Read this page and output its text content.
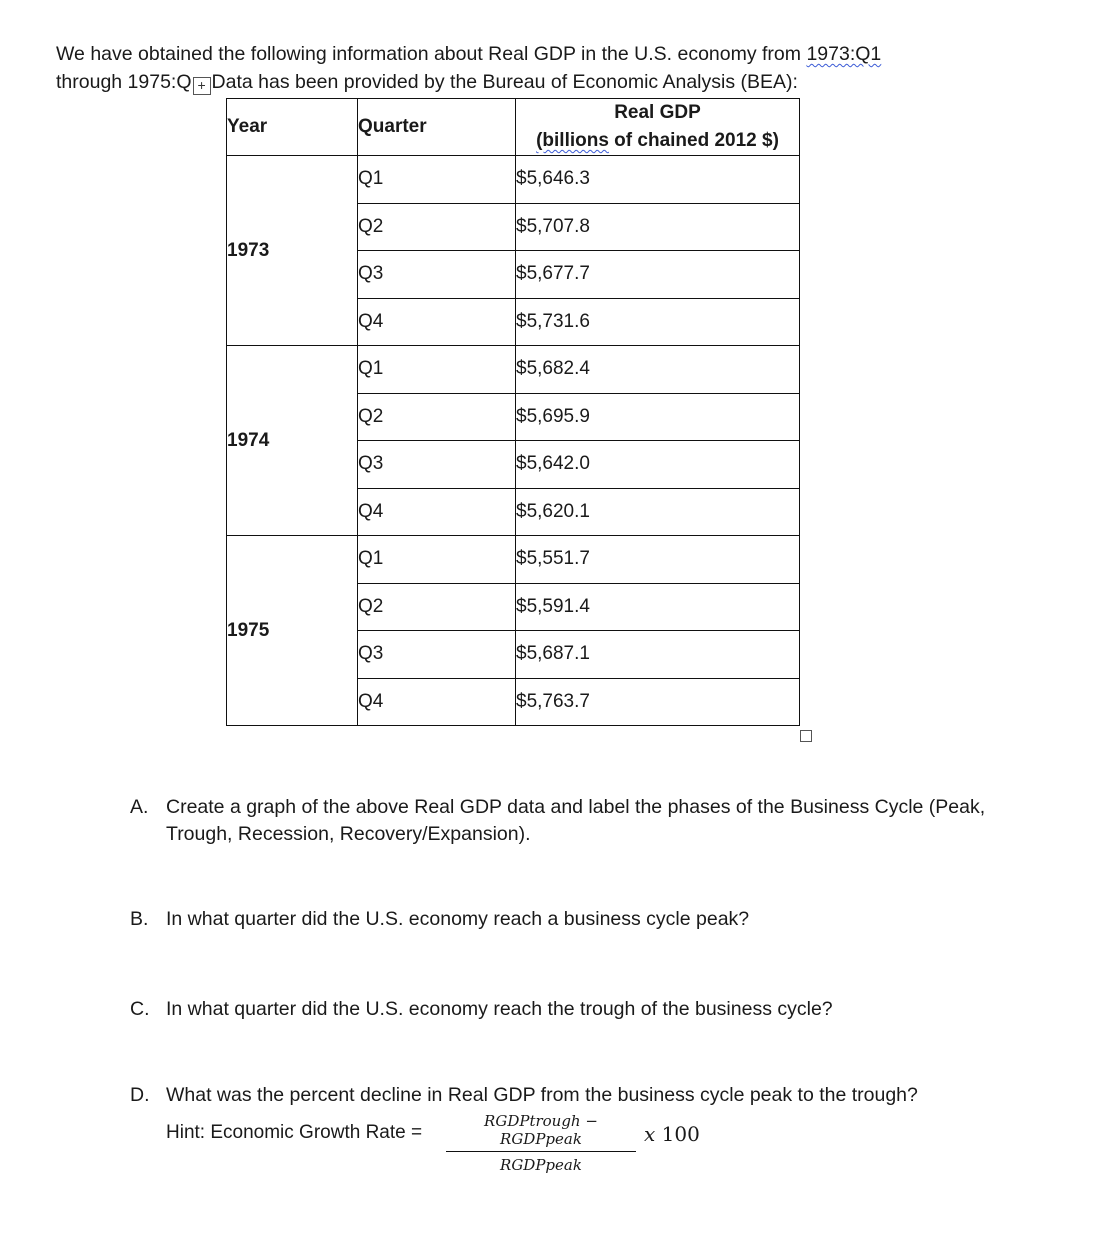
We have obtained the following information about Real GDP in the U.S. economy from 1973:Q1
through 1975:Q + Data has been provided by the Bureau of Economic Analysis (BEA):
Year	Quarter	Real GDP
(billions of chained 2012 $)
1973	Q1	$5,646.3
	Q2	$5,707.8
	Q3	$5,677.7
	Q4	$5,731.6
1974	Q1	$5,682.4
	Q2	$5,695.9
	Q3	$5,642.0
	Q4	$5,620.1
1975	Q1	$5,551.7
	Q2	$5,591.4
	Q3	$5,687.1
	Q4	$5,763.7
A. Create a graph of the above Real GDP data and label the phases of the Business Cycle (Peak, Trough, Recession, Recovery/Expansion).
B. In what quarter did the U.S. economy reach a business cycle peak?
C. In what quarter did the U.S. economy reach the trough of the business cycle?
D. What was the percent decline in Real GDP from the business cycle peak to the trough?
Hint: Economic Growth Rate =
RGDPtrough − RGDPpeak
RGDPpeak
x 100
